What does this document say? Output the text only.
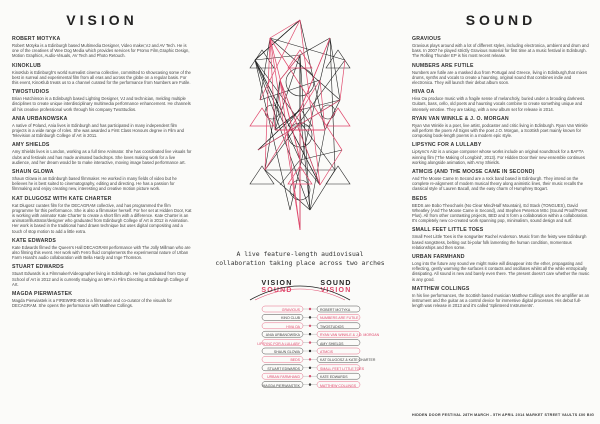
VISION
ROBERT MOTYKA
Robert Motyka is a Edinburgh based Multimedia Designer, Video maker,VJ and AV Tech. He is one of the creatives of Wee Dog Media which provides services for Promo Film,Graphic Design, Motion Graphics, Audio-Visuals, AV Tech and Photo Retouch.
KINOKLUB
KinoKlub is Edinburgh's world surrealist cinema collective, committed to showcasing some of the best in surreal and experimental film from all eras and across the globe on a regular basis. For this event, KinoKlub treats us to a channel curated for the performance from Numbers are Futile.
TWOSTUDIOS
Brian Hutchinson is a Edinburgh based Lighting Designer, VJ and technician, melding multiple disciplines to create unique interdisciplinary multimedia performance enhancement. He channels all his creative professional work through his company TwoStudios.
ANIA URBANOWSKA
A native of Poland, Ania lives in Edinburgh and has participated in many independent film projects in a wide range of roles. She was awarded a First Class Honours degree in Film and Television at Edinburgh College of Art in 2011.
AMY SHIELDS
Amy Shields lives in London, working as a full time Animator. She has coordinated live visuals for clubs and festivals and has made animated backdrops. She loves making work for a live audience, and her dream would be to make interactive, moving image based performance art.
SHAUN GLOWA
Shaun Glowa is an Edinburgh based filmmaker. He worked in many fields of video but he believes he is best suited to cinematography, editing and directing. He has a passion for filmmaking and enjoy creating new, interesting and creative motion picture work.
KAT DLUGOSZ WITH KATE CHARTER
Kat Dlugosz curates film for the DECAGRAM collective, and has programmed the film programme for this performance. She is also a filmmaker herself. For her set at Hidden Door, Kat is working with animator Kate Charter to create a short film with a difference. Kate Charter is an animator/illustrator/designer who graduated from Edinburgh College of Art in 2012 in Animation. Her work is based in the traditional hand drawn technique but uses digital compositing and a touch of stop motion to add a little extra.
KATE EDWARDS
Kate Edwards filmed the Queen's Hall DECAGRAM performance with The Jolly Millman who are also filming this event. Her work with Ferro fluid complements the experimental nature of Urban Farm Hoard's audio collaboration with Bella Hardy and Inge Thomson.
STUART EDWARDS
Stuart Edwards is a Filmmaker/Videographer living in Edinburgh. He has graduated from Gray School of Art in 2012 and is currently studying an MFA in Film Directing at Edinburgh College of Art.
MAGDA PIERWIASTEK
Magda Pierwiastek is a FIREWIRE-800 is a filmmaker and co-curator of the visuals for DECAGRAM. She opens the performance with Matthew Collings.
A live feature-length audiovisual
collaboration taking place across two arches
VISION
SOUND
SOUND
VISION
GRAVIOUS
KINO CLUB
HIVA OA
ANIA URBANOWSKA
LIPSYNC FOR A LULLABY
SHAUN GLOWA
BEDS
STUART EDWARDS
URBAN FARMHAND
MAGDA PIERWIASTEK
ROBERT MOTYKA
NUMBERS ARE FUTILE
TWOSTUDIOS
RYAN VAN WINKLE & J.O. MORGAN
AMY SHIELDS
ATMCIS
KAT DLUGOSZ & KATE CHARTER
SMALL FEET LITTLE TOES
KATE EDWARDS
MATTHEW COLLINGS
SOUND
GRAVIOUS
Gravious plays around with a lot of different styles, including electronica, ambient and drum and bass. In 2007 he played strictly Gravious material for first time at a music festival in Edinburgh. The Rolling Thunder EP is his most recent release.
NUMBERS ARE FUTILE
Numbers are futile are a masked duo from Portugal and Greece, living in Edinburgh,that mixes drums, synths and vocals to create a haunting, original sound that combines indie and electronica. They will launch their debut album soon.
HIVA OA
Hiva Oa produce music with a fragile sense of melancholy, buried under a brooding darkness. Guitars, bass, cello, old poets and haunting vocals combine to create something unique and intensely emotive. They are taking, with a new album set for release in 2014.
RYAN VAN WINKLE & J. O. MORGAN
Ryan Van Winkle is a poet, live artist, podcaster and critic living in Edinburgh. Ryan Van Winkle will perform the poem All Signs with the poet J.O. Morgan, a Scottish poet mainly known for composing book-length poems in a modern epic style.
LIPSYNC FOR A LULLABY
Lipsync's Aitz is a unique composer whose works include an original soundtrack for a BAFTA winning film ('The Making of Longbird', 2013). For Hidden Door their new ensemble continues working alongside animation, with Amy Shields.
ATMCIS (AND THE MOOSE CAME IN SECOND)
And The Moose Came In Second are a rock band based in Edinburgh. They intend on the complete re-alignment of modern musical theory along animistic lines, their music recalls the classical style of Lauren Bacall, and the easy charm of Humphrey Bogart.
BEDS
BEDS are Bobo Theocharis (No Clear Mind/Half Mountain), Ed Stack (TONGUES), David Wheatley (And The Moose Came in Second), and Stephen Peterson MSc (Sound Proof/Forest Plus). All from other contrasting projects, BED and S form a collaboration within a collaboration. It's completely new co-created work spanning pop, minimalism, sound design and surf.
SMALL FEET LITTLE TOES
Small Feet Little Toes is the songwriter Rachel Anderson. Music from the feisty wee Edinburgh based songstress, belting out bi-polar folk lamenting the human condition, momentous relationships and then some.
URBAN FARMHAND
Long into the future any sound we might make will disappear into the ether, propagating and reflecting, gently warming the surfaces it contacts and oscillates whilst all the while entropically dissipating. All sound is new and barely even there. The present doesn't care whether the music is any good.
MATTHEW COLLINGS
In his live performances, the Scottish based musician Matthew Collings uses the amplifier as an instrument and the guitar as a control device for immersive digital processes. His debut full-length was release in 2013 and it's called 'Splintered Instruments'.
HIDDEN DOOR FESTIVAL 28TH MARCH - 5TH APRIL 2014 MARKET STREET VAULTS £00 BIG
